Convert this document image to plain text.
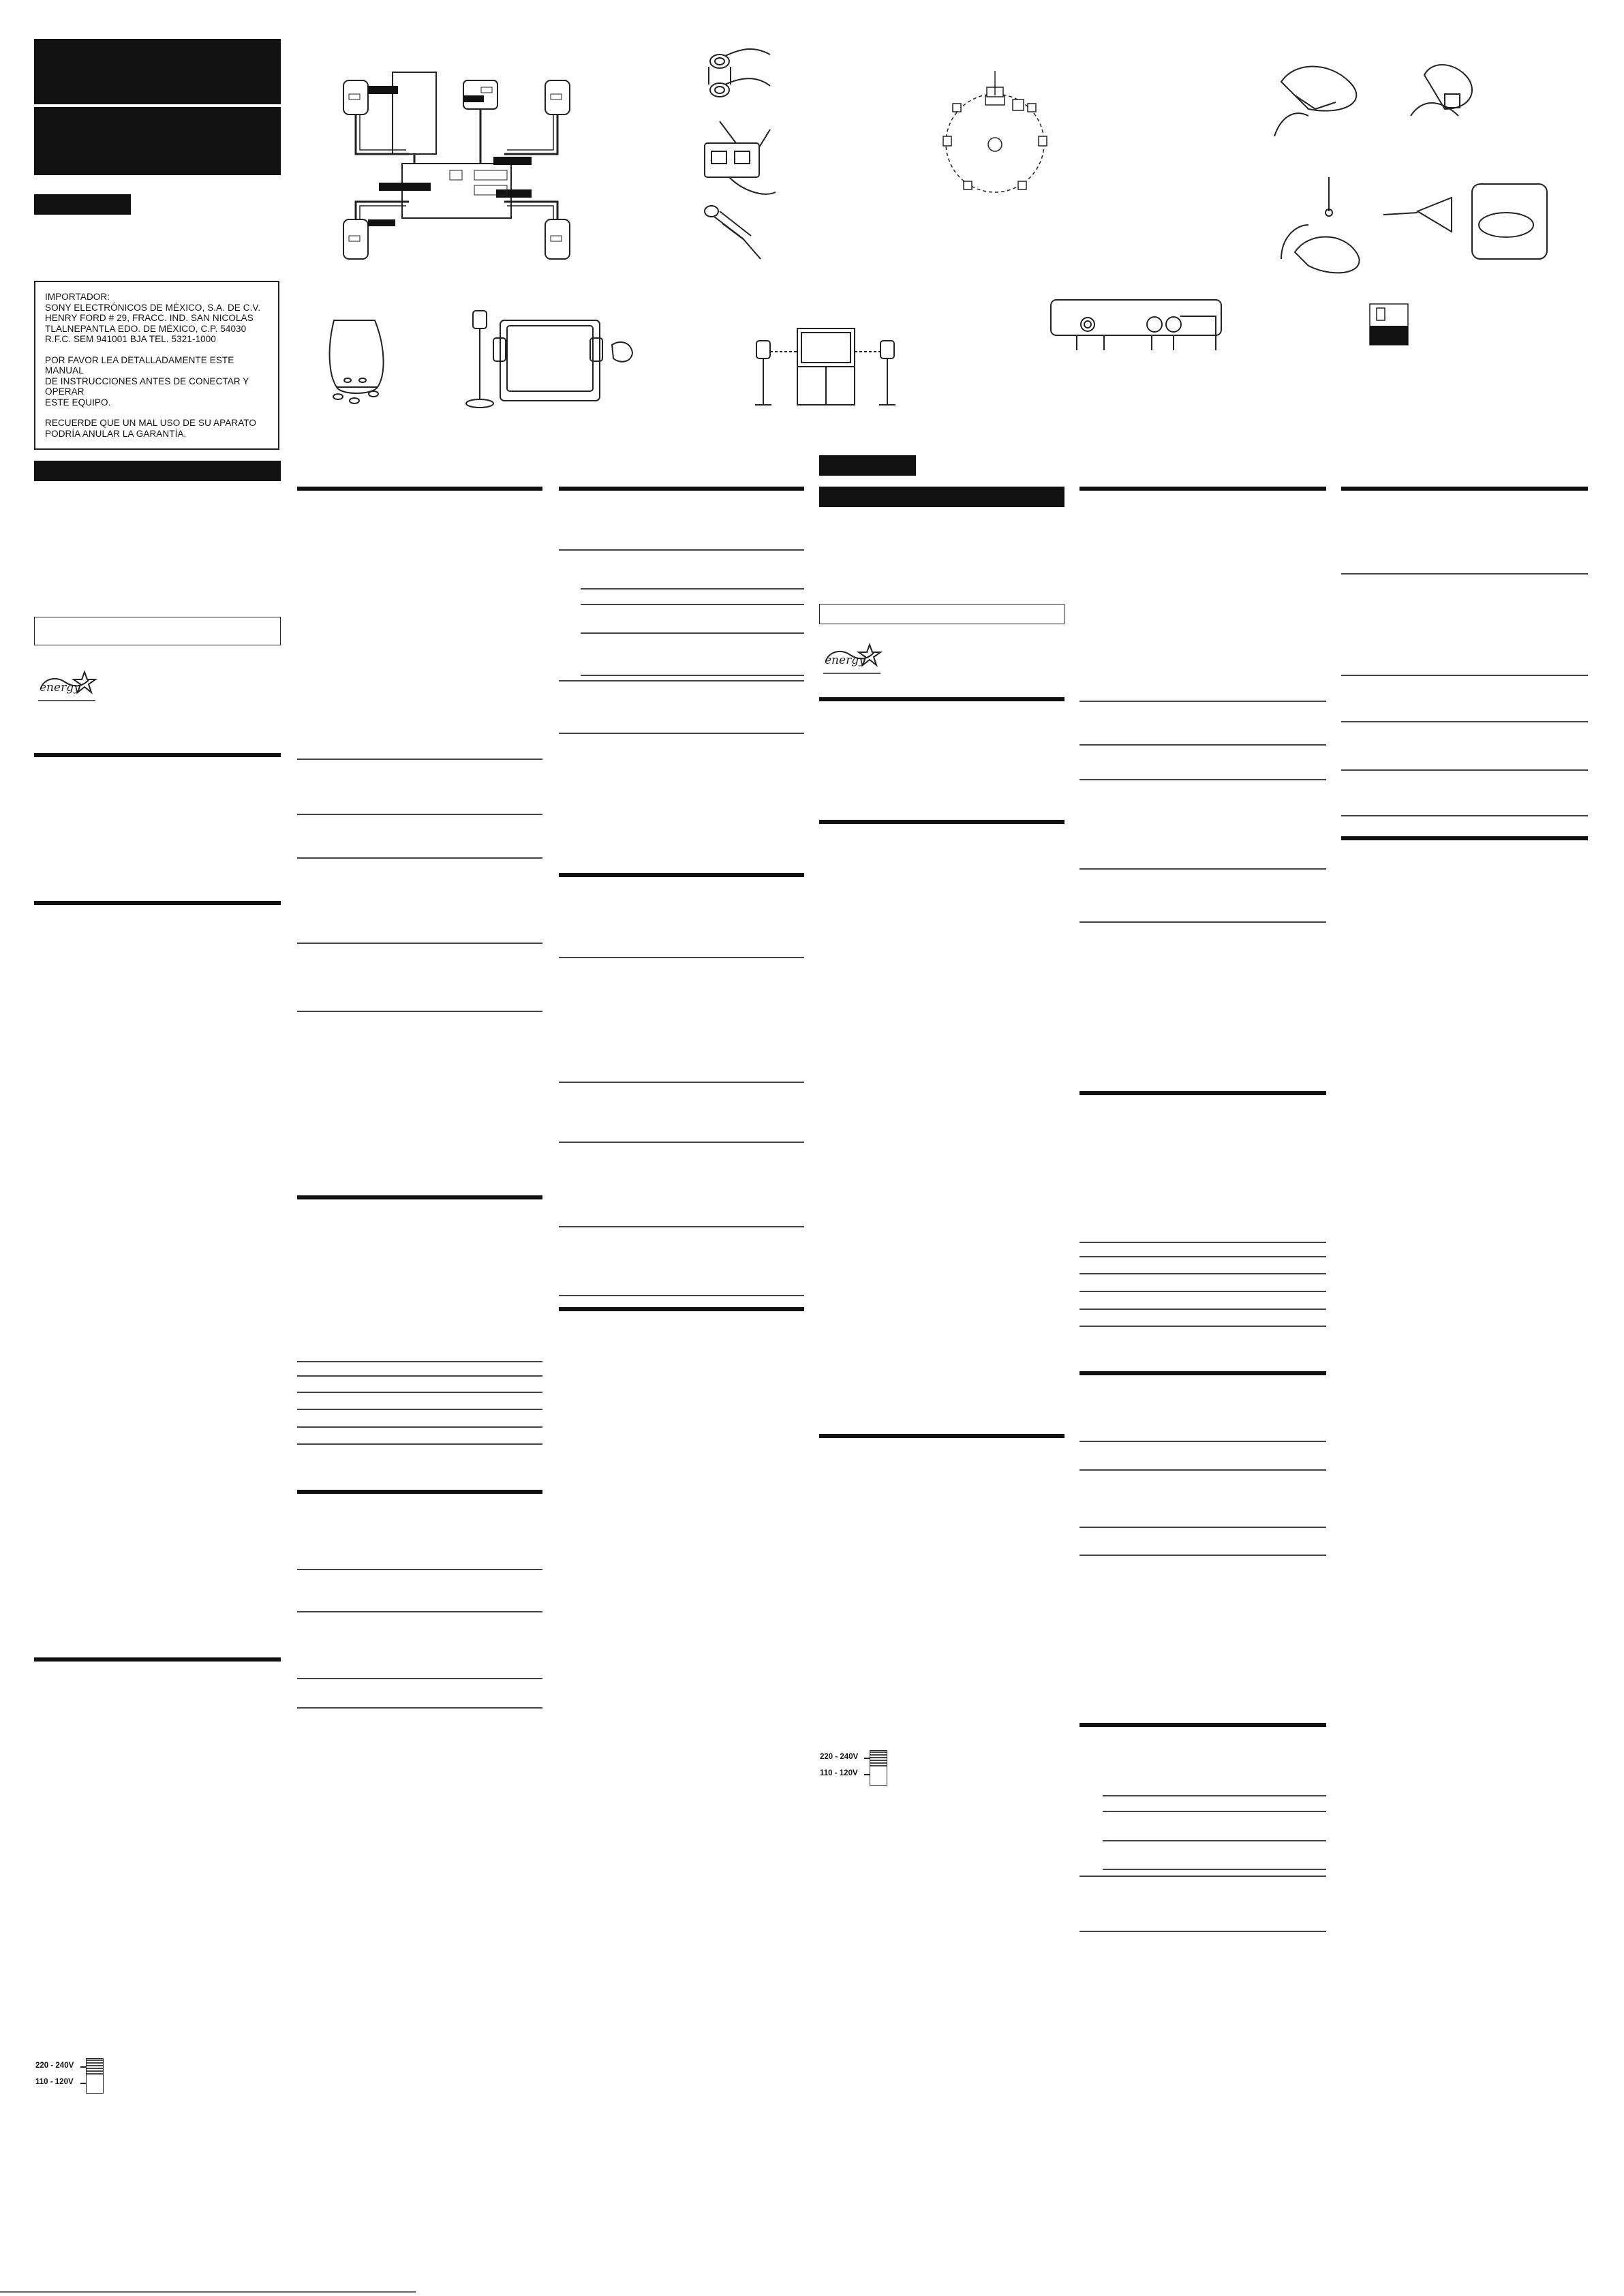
IMPORTADOR:

SONY ELECTRÓNICOS DE MÉXICO, S.A. DE C.V.

HENRY FORD # 29, FRACC. IND. SAN NICOLAS

TLALNEPANTLA EDO. DE MÉXICO, C.P. 54030

R.F.C. SEM 941001 BJA TEL. 5321-1000

POR FAVOR LEA DETALLADAMENTE ESTE MANUAL

DE INSTRUCCIONES ANTES DE CONECTAR Y OPERAR

ESTE EQUIPO.

RECUERDE QUE UN MAL USO DE SU APARATO

PODRÍA ANULAR LA GARANTÍA.

energy
220 - 240V
110 - 120V
energy
220 - 240V
110 - 120V
